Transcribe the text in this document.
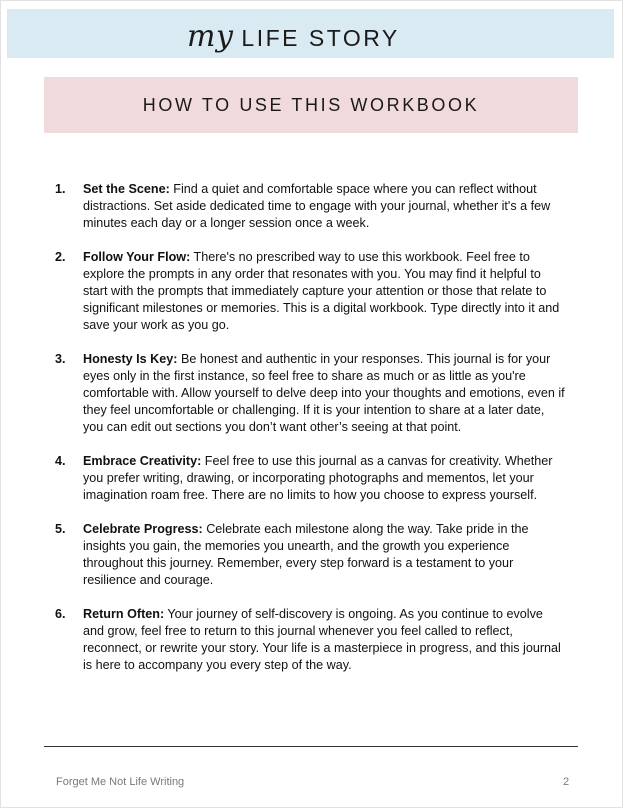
my LIFE STORY
HOW TO USE THIS WORKBOOK
1.	Set the Scene: Find a quiet and comfortable space where you can reflect without distractions. Set aside dedicated time to engage with your journal, whether it's a few minutes each day or a longer session once a week.
2.	Follow Your Flow: There's no prescribed way to use this workbook. Feel free to explore the prompts in any order that resonates with you. You may find it helpful to start with the prompts that immediately capture your attention or those that relate to significant milestones or memories. This is a digital workbook. Type directly into it and save your work as you go.
3.	Honesty Is Key: Be honest and authentic in your responses. This journal is for your eyes only in the first instance, so feel free to share as much or as little as you're comfortable with. Allow yourself to delve deep into your thoughts and emotions, even if they feel uncomfortable or challenging. If it is your intention to share at a later date, you can edit out sections you don’t want other’s seeing at that point.
4.	Embrace Creativity: Feel free to use this journal as a canvas for creativity. Whether you prefer writing, drawing, or incorporating photographs and mementos, let your imagination roam free. There are no limits to how you choose to express yourself.
5.	Celebrate Progress: Celebrate each milestone along the way. Take pride in the insights you gain, the memories you unearth, and the growth you experience throughout this journey. Remember, every step forward is a testament to your resilience and courage.
6.	Return Often: Your journey of self-discovery is ongoing. As you continue to evolve and grow, feel free to return to this journal whenever you feel called to reflect, reconnect, or rewrite your story. Your life is a masterpiece in progress, and this journal is here to accompany you every step of the way.
Forget Me Not Life Writing	2
